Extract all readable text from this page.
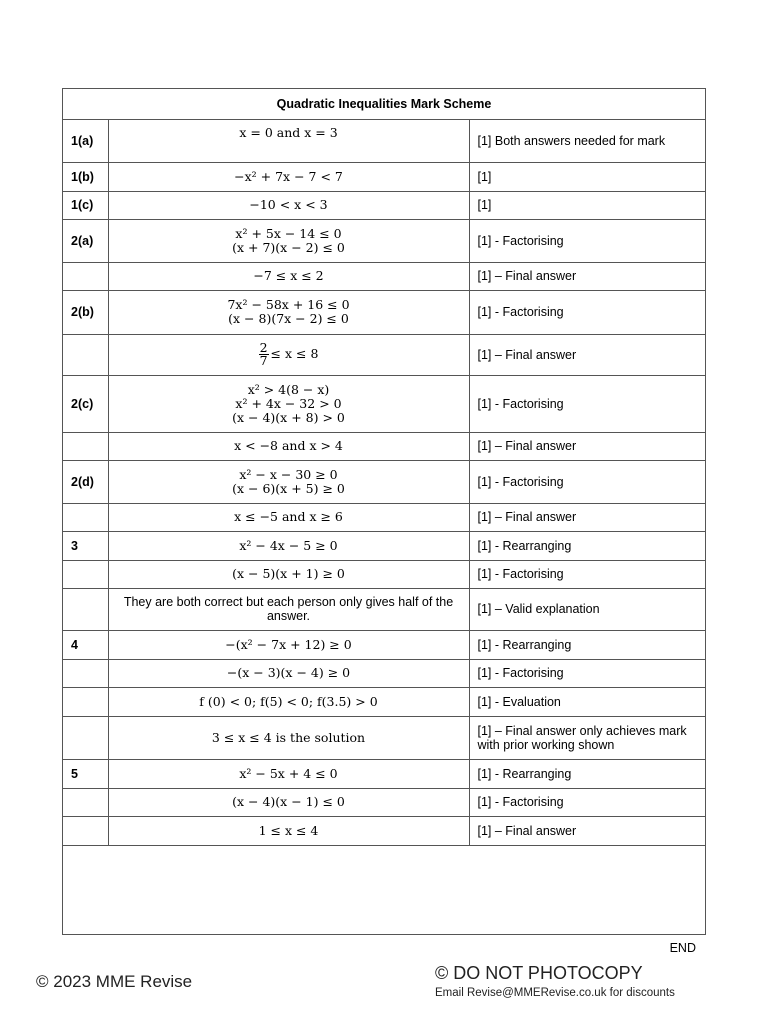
Quadratic Inequalities Mark Scheme		
1(a)	x = 0 and x = 3	[1] Both answers needed for mark
1(b)	−x² + 7x − 7 < 7	[1]
1(c)	−10 < x < 3	[1]
2(a)	x² + 5x − 14 ≤ 0
(x + 7)(x − 2) ≤ 0	[1] - Factorising

	−7 ≤ x ≤ 2	[1] – Final answer
2(b)	7x² − 58x + 16 ≤ 0
(x − 8)(7x − 2) ≤ 0	[1] - Factorising

	$\frac{2}{7} \le x \le 8$	[1] – Final answer
2(c)	x² > 4(8 − x)
x² + 4x − 32 > 0
(x − 4)(x + 8) > 0	[1] - Factorising

	x < −8 and x > 4	[1] – Final answer
2(d)	x² − x − 30 ≥ 0
(x − 6)(x + 5) ≥ 0	[1] - Factorising

	x ≤ −5 and x ≥ 6	[1] – Final answer
3	x² − 4x − 5 ≥ 0	[1] - Rearranging

	(x − 5)(x + 1) ≥ 0	[1] - Factorising
	They are both correct but each person only gives half of the answer.	[1] – Valid explanation
4	−(x² − 7x + 12) ≥ 0	[1] - Rearranging

	−(x − 3)(x − 4) ≥ 0	[1] - Factorising

	f (0) < 0; f(5) < 0; f(3.5) > 0	[1] - Evaluation

	3 ≤ x ≤ 4 is the solution	[1] – Final answer only achieves mark with prior working shown
5	x² − 5x + 4 ≤ 0	[1] - Rearranging

	(x − 4)(x − 1) ≤ 0	[1] - Factorising

	1 ≤ x ≤ 4	[1] – Final answer

END
© 2023 MME Revise	© DO NOT PHOTOCOPY
Email Revise@MMERevise.co.uk for discounts
